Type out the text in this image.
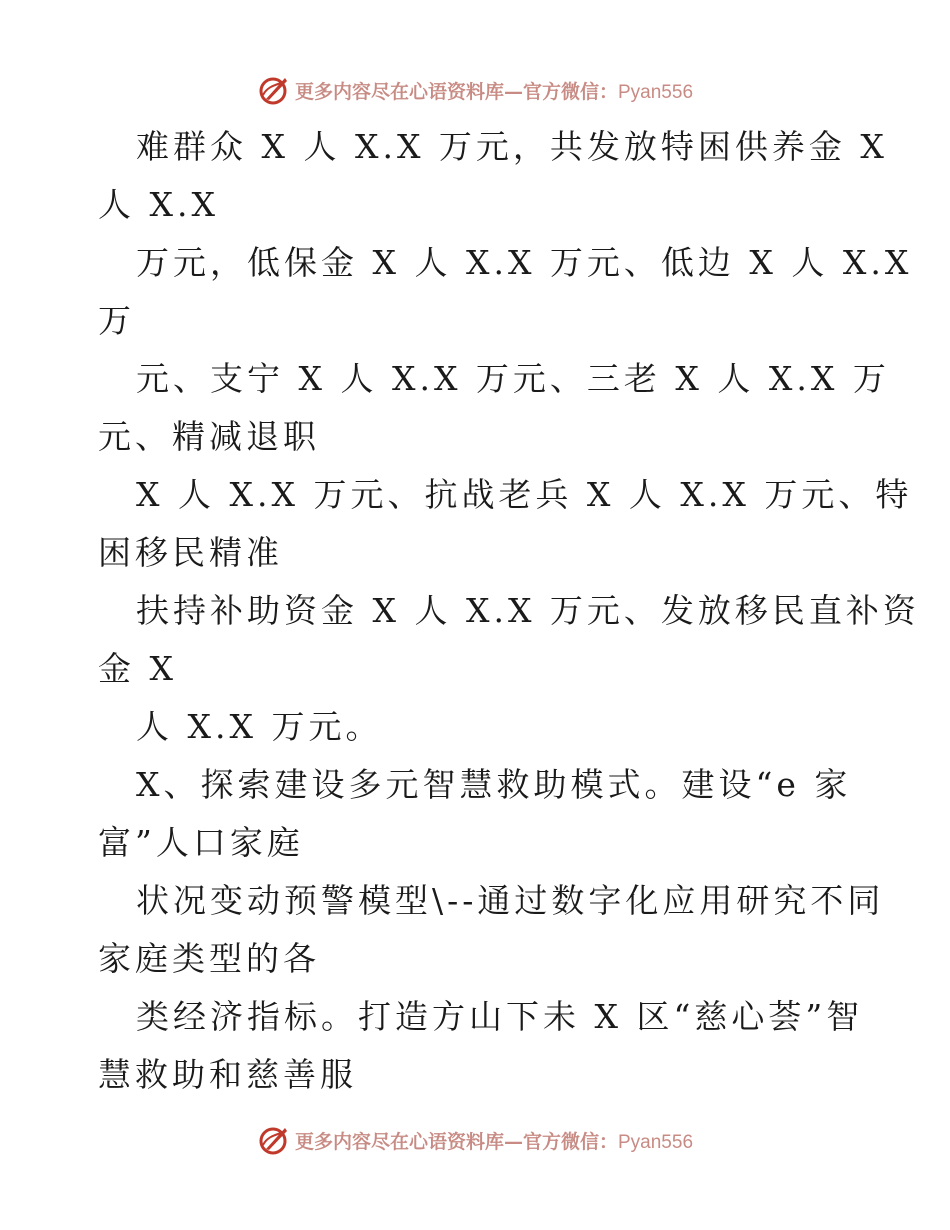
更多内容尽在心语资料库—官方微信：Pyan556
难群众 X 人 X.X 万元，共发放特困供养金 X
人 X.X
万元，低保金 X 人 X.X 万元、低边 X 人 X.X
万
元、支宁 X 人 X.X 万元、三老 X 人 X.X 万
元、精减退职
X 人 X.X 万元、抗战老兵 X 人 X.X 万元、特
困移民精准
扶持补助资金 X 人 X.X 万元、发放移民直补资
金 X
人 X.X 万元。
X、探索建设多元智慧救助模式。建设“e 家
富”人口家庭
状况变动预警模型\--通过数字化应用研究不同
家庭类型的各
类经济指标。打造方山下未 X 区“慈心荟”智
慧救助和慈善服
更多内容尽在心语资料库—官方微信：Pyan556
